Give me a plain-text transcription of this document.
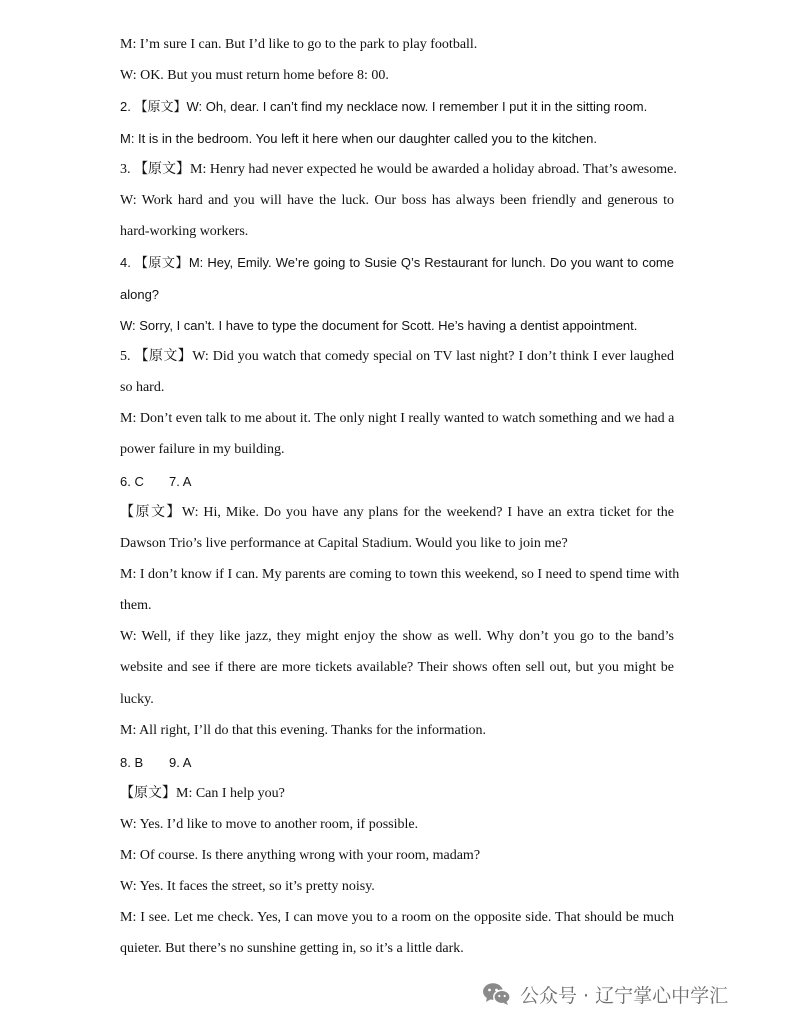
M: I’m sure I can. But I’d like to go to the park to play football.
W: OK. But you must return home before 8: 00.
2. 【原文】W: Oh, dear. I can’t find my necklace now. I remember I put it in the sitting room.
M: It is in the bedroom. You left it here when our daughter called you to the kitchen.
3. 【原文】M: Henry had never expected he would be awarded a holiday abroad. That’s awesome.
W: Work hard and you will have the luck. Our boss has always been friendly and generous to
hard-working workers.
4. 【原文】M: Hey, Emily. We’re going to Susie Q’s Restaurant for lunch. Do you want to come
along?
W: Sorry, I can’t. I have to type the document for Scott. He’s having a dentist appointment.
5. 【原文】W: Did you watch that comedy special on TV last night? I don’t think I ever laughed
so hard.
M: Don’t even talk to me about it. The only night I really wanted to watch something and we had a
power failure in my building.
6. C 7. A
【原文】W: Hi, Mike. Do you have any plans for the weekend? I have an extra ticket for the
Dawson Trio’s live performance at Capital Stadium. Would you like to join me?
M: I don’t know if I can. My parents are coming to town this weekend, so I need to spend time with
them.
W: Well, if they like jazz, they might enjoy the show as well. Why don’t you go to the band’s
website and see if there are more tickets available? Their shows often sell out, but you might be
lucky.
M: All right, I’ll do that this evening. Thanks for the information.
8. B 9. A
【原文】M: Can I help you?
W: Yes. I’d like to move to another room, if possible.
M: Of course. Is there anything wrong with your room, madam?
W: Yes. It faces the street, so it’s pretty noisy.
M: I see. Let me check. Yes, I can move you to a room on the opposite side. That should be much
quieter. But there’s no sunshine getting in, so it’s a little dark.
公众号 · 辽宁掌心中学汇
